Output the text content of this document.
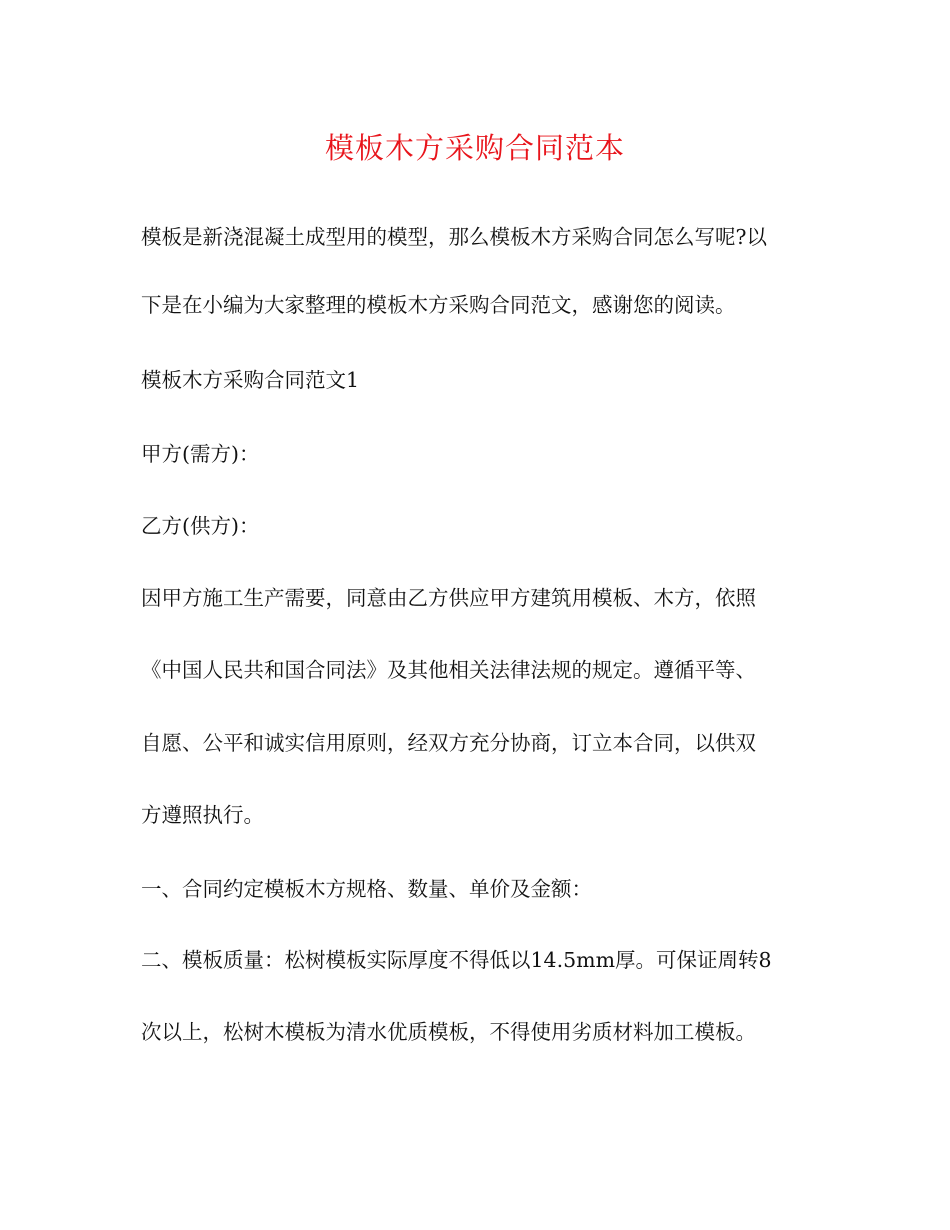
模板木方采购合同范本
模板是新浇混凝土成型用的模型，那么模板木方采购合同怎么写呢?以
下是在小编为大家整理的模板木方采购合同范文，感谢您的阅读。
模板木方采购合同范文1
甲方(需方)：
乙方(供方)：
因甲方施工生产需要，同意由乙方供应甲方建筑用模板、木方，依照
《中国人民共和国合同法》及其他相关法律法规的规定。遵循平等、
自愿、公平和诚实信用原则，经双方充分协商，订立本合同，以供双
方遵照执行。
一、合同约定模板木方规格、数量、单价及金额：
二、模板质量：松树模板实际厚度不得低以14.5mm厚。可保证周转8
次以上，松树木模板为清水优质模板，不得使用劣质材料加工模板。
